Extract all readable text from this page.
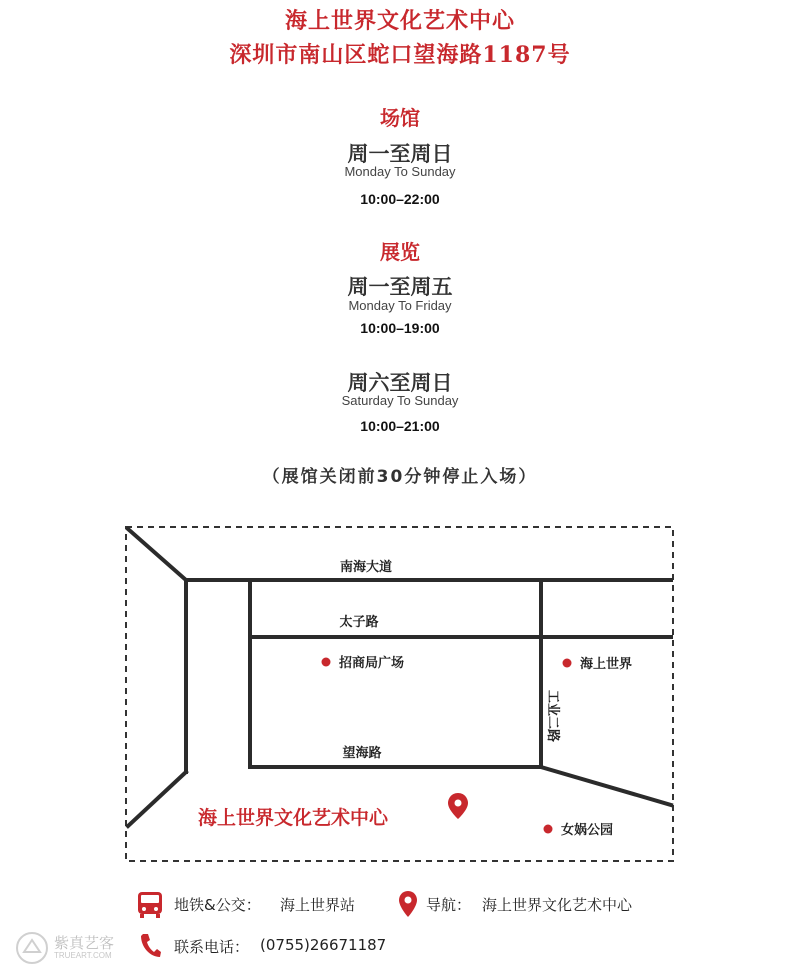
海上世界文化艺术中心
深圳市南山区蛇口望海路1187号
场馆
周一至周日
Monday To Sunday
10:00–22:00
展览
周一至周五
Monday To Friday
10:00–19:00
周六至周日
Saturday To Sunday
10:00–21:00
（展馆关闭前30分钟停止入场）
南海大道
太子路
望海路
工业二路
招商局广场	海上世界
女娲公园
海上世界文化艺术中心
地铁&公交： 海上世界站	导航： 海上世界文化艺术中心
联系电话： (0755)26671187
紫真艺客
TRUEART.COM
